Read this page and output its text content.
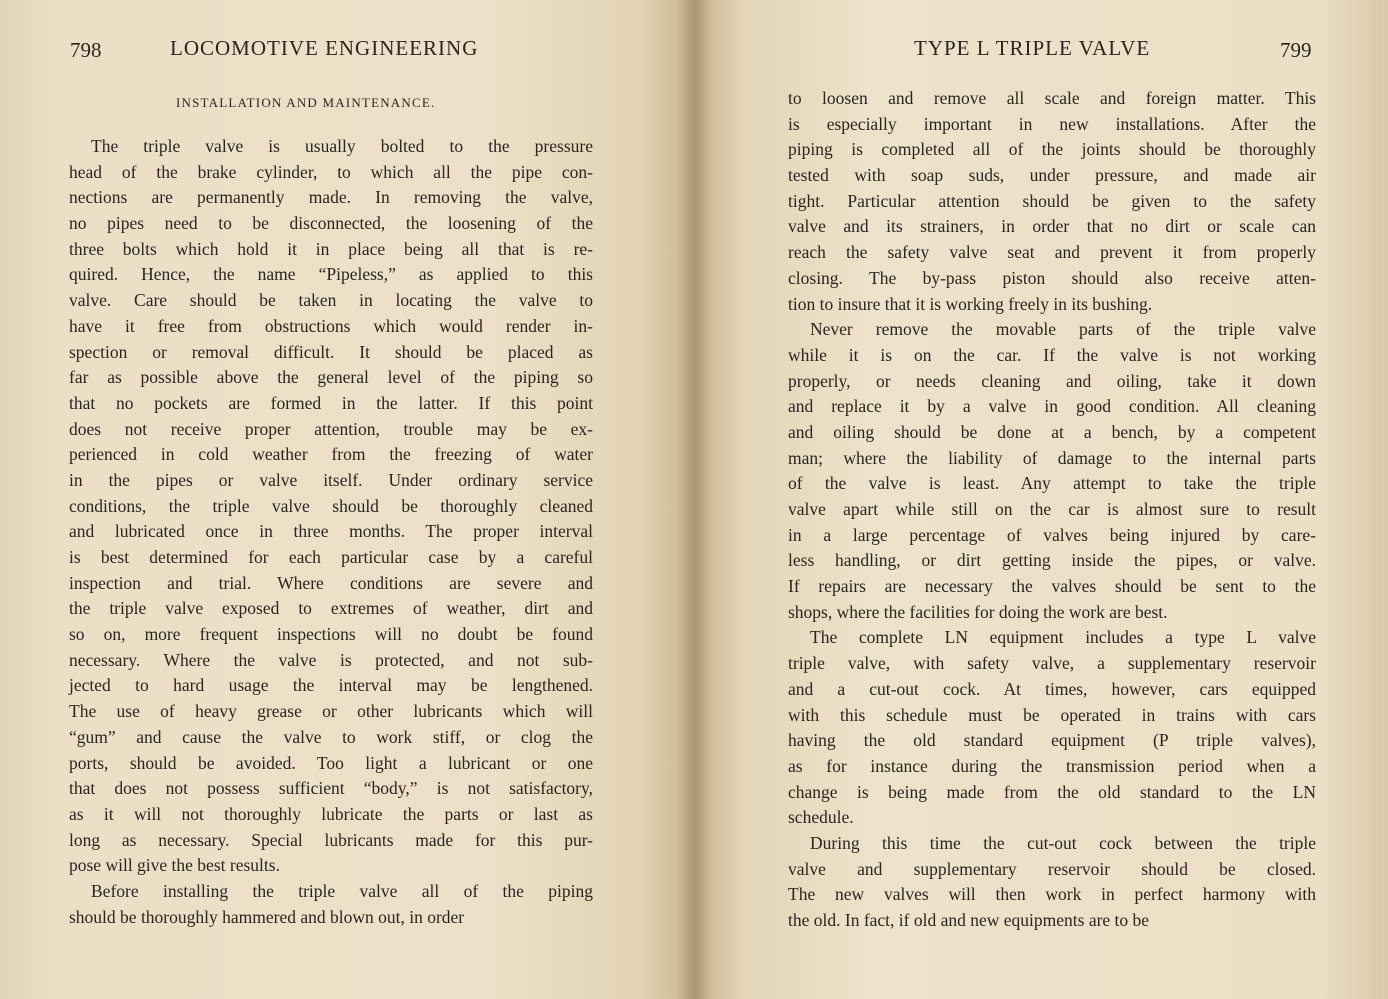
798	LOCOMOTIVE ENGINEERING
INSTALLATION AND MAINTENANCE.
The triple valve is usually bolted to the pressure
head of the brake cylinder, to which all the pipe con-
nections are permanently made. In removing the valve,
no pipes need to be disconnected, the loosening of the
three bolts which hold it in place being all that is re-
quired. Hence, the name “Pipeless,” as applied to this
valve. Care should be taken in locating the valve to
have it free from obstructions which would render in-
spection or removal difficult. It should be placed as
far as possible above the general level of the piping so
that no pockets are formed in the latter. If this point
does not receive proper attention, trouble may be ex-
perienced in cold weather from the freezing of water
in the pipes or valve itself. Under ordinary service
conditions, the triple valve should be thoroughly cleaned
and lubricated once in three months. The proper interval
is best determined for each particular case by a careful
inspection and trial. Where conditions are severe and
the triple valve exposed to extremes of weather, dirt and
so on, more frequent inspections will no doubt be found
necessary. Where the valve is protected, and not sub-
jected to hard usage the interval may be lengthened.
The use of heavy grease or other lubricants which will
“gum” and cause the valve to work stiff, or clog the
ports, should be avoided. Too light a lubricant or one
that does not possess sufficient “body,” is not satisfactory,
as it will not thoroughly lubricate the parts or last as
long as necessary. Special lubricants made for this pur-
pose will give the best results.
Before installing the triple valve all of the piping
should be thoroughly hammered and blown out, in order
TYPE L TRIPLE VALVE	799
to loosen and remove all scale and foreign matter. This
is especially important in new installations. After the
piping is completed all of the joints should be thoroughly
tested with soap suds, under pressure, and made air
tight. Particular attention should be given to the safety
valve and its strainers, in order that no dirt or scale can
reach the safety valve seat and prevent it from properly
closing. The by-pass piston should also receive atten-
tion to insure that it is working freely in its bushing.
Never remove the movable parts of the triple valve
while it is on the car. If the valve is not working
properly, or needs cleaning and oiling, take it down
and replace it by a valve in good condition. All cleaning
and oiling should be done at a bench, by a competent
man; where the liability of damage to the internal parts
of the valve is least. Any attempt to take the triple
valve apart while still on the car is almost sure to result
in a large percentage of valves being injured by care-
less handling, or dirt getting inside the pipes, or valve.
If repairs are necessary the valves should be sent to the
shops, where the facilities for doing the work are best.
The complete LN equipment includes a type L valve
triple valve, with safety valve, a supplementary reservoir
and a cut-out cock. At times, however, cars equipped
with this schedule must be operated in trains with cars
having the old standard equipment (P triple valves),
as for instance during the transmission period when a
change is being made from the old standard to the LN
schedule.
During this time the cut-out cock between the triple
valve and supplementary reservoir should be closed.
The new valves will then work in perfect harmony with
the old. In fact, if old and new equipments are to be
